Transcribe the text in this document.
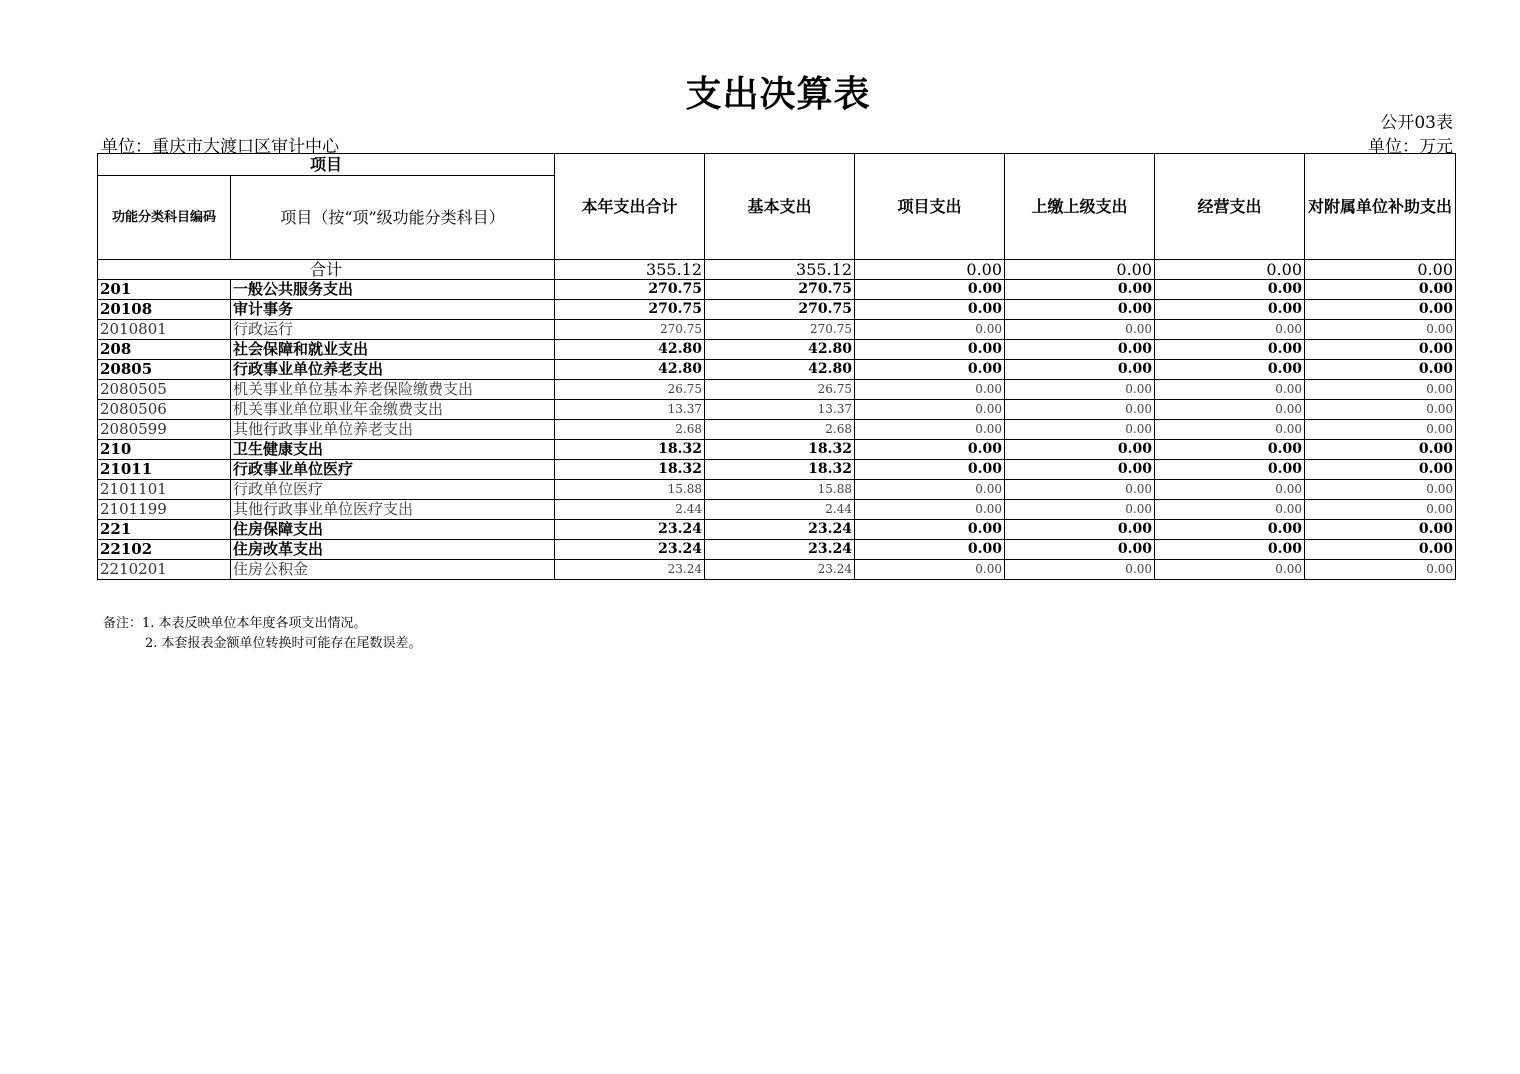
支出决算表
公开03表
单位：重庆市大渡口区审计中心	单位：万元
项目		本年支出合计	基本支出	项目支出	上缴上级支出	经营支出	对附属单位补助支出
功能分类科目编码	项目（按“项”级功能分类科目）						
合计		355.12	355.12	0.00	0.00	0.00	0.00
201	一般公共服务支出	270.75	270.75	0.00	0.00	0.00	0.00
20108	审计事务	270.75	270.75	0.00	0.00	0.00	0.00
2010801	行政运行	270.75	270.75	0.00	0.00	0.00	0.00
208	社会保障和就业支出	42.80	42.80	0.00	0.00	0.00	0.00
20805	行政事业单位养老支出	42.80	42.80	0.00	0.00	0.00	0.00
2080505	机关事业单位基本养老保险缴费支出	26.75	26.75	0.00	0.00	0.00	0.00
2080506	机关事业单位职业年金缴费支出	13.37	13.37	0.00	0.00	0.00	0.00
2080599	其他行政事业单位养老支出	2.68	2.68	0.00	0.00	0.00	0.00
210	卫生健康支出	18.32	18.32	0.00	0.00	0.00	0.00
21011	行政事业单位医疗	18.32	18.32	0.00	0.00	0.00	0.00
2101101	行政单位医疗	15.88	15.88	0.00	0.00	0.00	0.00
2101199	其他行政事业单位医疗支出	2.44	2.44	0.00	0.00	0.00	0.00
221	住房保障支出	23.24	23.24	0.00	0.00	0.00	0.00
22102	住房改革支出	23.24	23.24	0.00	0.00	0.00	0.00
2210201	住房公积金	23.24	23.24	0.00	0.00	0.00	0.00
备注：1. 本表反映单位本年度各项支出情况。
2. 本套报表金额单位转换时可能存在尾数误差。
